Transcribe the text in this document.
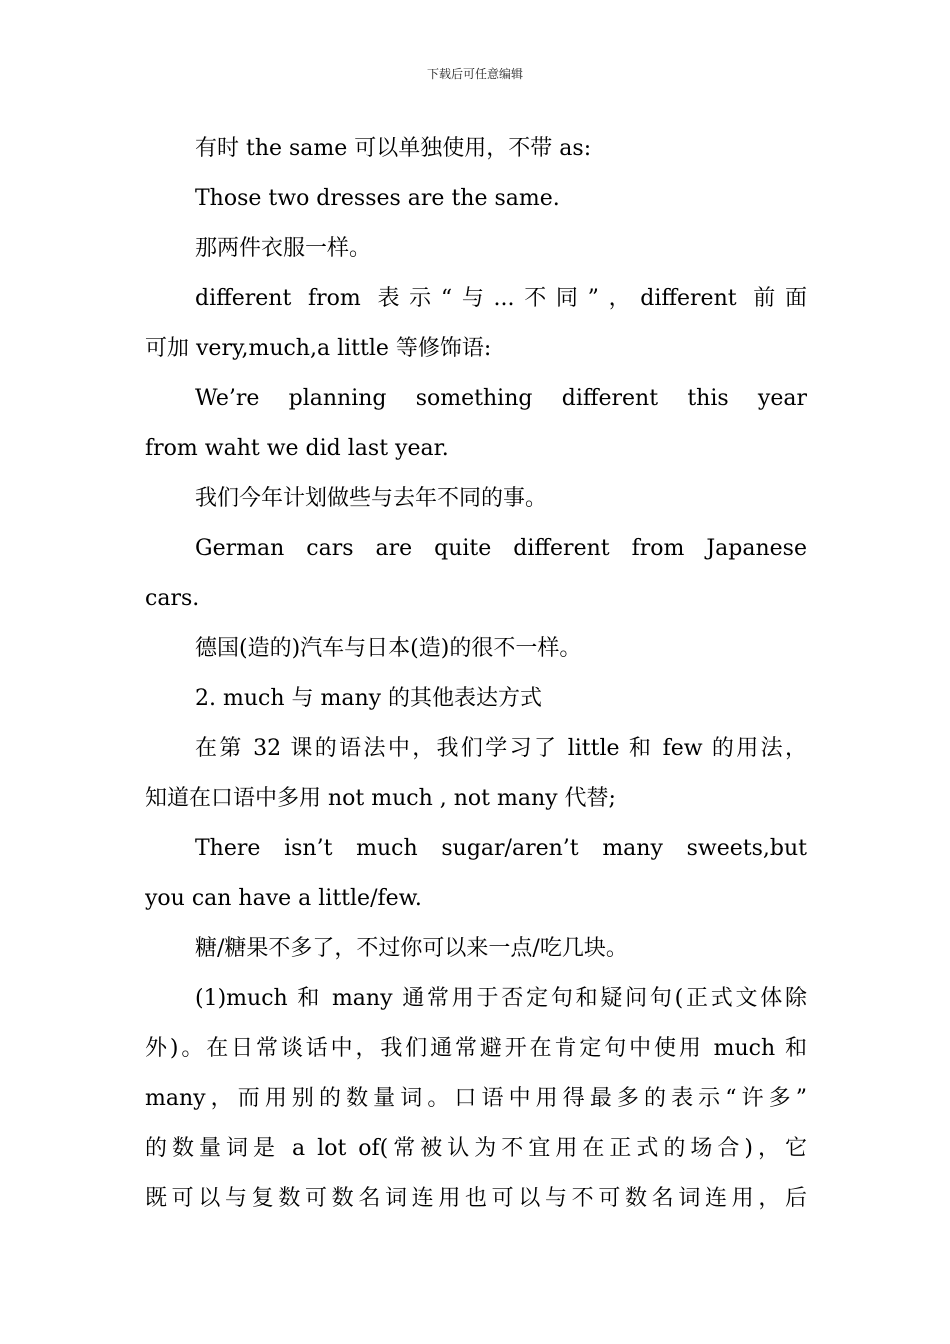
下载后可任意编辑
有时 the same 可以单独使用，不带 as:
Those two dresses are the same.
那两件衣服一样。
different from 表示“与...不同”，different 前面
可加 very,much,a little 等修饰语:
We’re planning something different this year
from waht we did last year.
我们今年计划做些与去年不同的事。
German cars are quite different from Japanese
cars.
德国(造的)汽车与日本(造)的很不一样。
2. much 与 many 的其他表达方式
在第 32 课的语法中，我们学习了 little 和 few 的用法，
知道在口语中多用 not much , not many 代替;
There isn’t much sugar/aren’t many sweets,but
you can have a little/few.
糖/糖果不多了，不过你可以来一点/吃几块。
(1)much 和 many 通常用于否定句和疑问句(正式文体除
外)。在日常谈话中，我们通常避开在肯定句中使用 much 和
many，而用别的数量词。口语中用得最多的表示“许多”
的数量词是 a lot of(常被认为不宜用在正式的场合)，它
既可以与复数可数名词连用也可以与不可数名词连用，后
